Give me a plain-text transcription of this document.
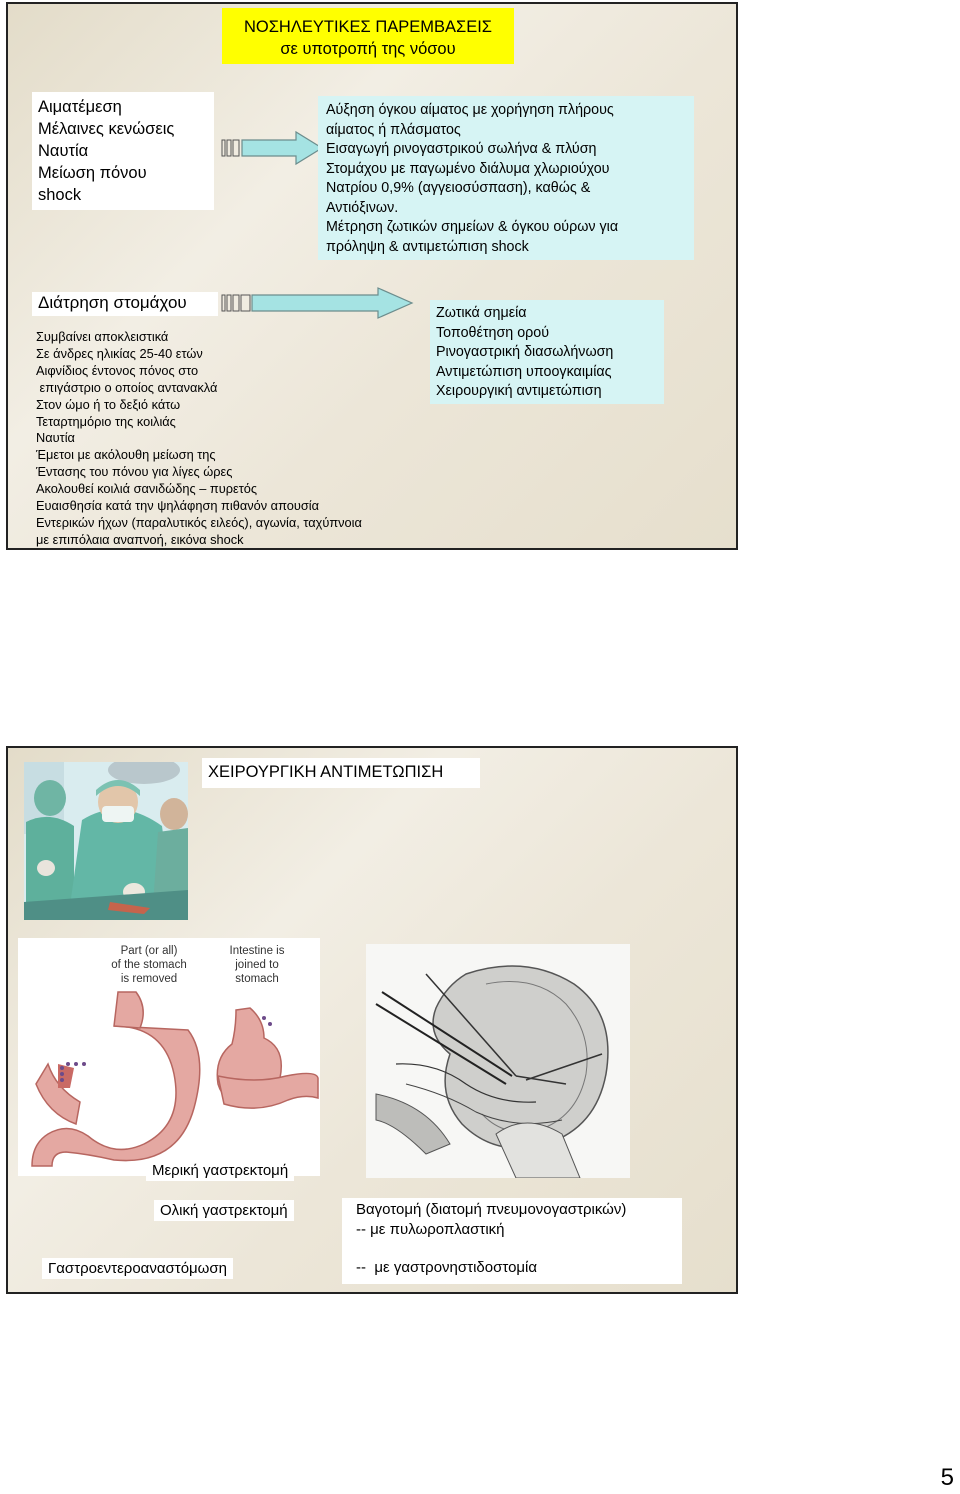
ΝΟΣΗΛΕΥΤΙΚΕΣ ΠΑΡΕΜΒΑΣΕΙΣ
σε υποτροπή της νόσου
Αιματέμεση
Μέλαινες κενώσεις
Ναυτία
Μείωση πόνου
shock
Αύξηση όγκου αίματος με χορήγηση πλήρους
αίματος ή πλάσματος
Εισαγωγή ρινογαστρικού σωλήνα & πλύση
Στομάχου με παγωμένο διάλυμα χλωριούχου
Νατρίου 0,9% (αγγειοσύσπαση), καθώς &
Αντιόξινων.
Μέτρηση ζωτικών σημείων & όγκου ούρων για
πρόληψη & αντιμετώπιση shock
Διάτρηση στομάχου
Συμβαίνει αποκλειστικά
Σε άνδρες ηλικίας 25-40 ετών
Αιφνίδιος έντονος πόνος στο
επιγάστριο ο οποίος αντανακλά
Στον ώμο ή το δεξιό κάτω
Τεταρτημόριο της κοιλιάς
Ναυτία
Έμετοι με ακόλουθη μείωση της
Έντασης του πόνου για λίγες ώρες
Ακολουθεί κοιλιά σανιδώδης – πυρετός
Ευαισθησία κατά την ψηλάφηση πιθανόν απουσία
Εντερικών ήχων (παραλυτικός ειλεός), αγωνία, ταχύπνοια
με επιπόλαια αναπνοή, εικόνα shock
Ζωτικά σημεία
Τοποθέτηση ορού
Ρινογαστρική διασωλήνωση
Αντιμετώπιση υποογκαιμίας
Χειρουργική αντιμετώπιση
ΧΕΙΡΟΥΡΓΙΚΗ ΑΝΤΙΜΕΤΩΠΙΣΗ
Part (or all)
of the stomach
is removed
Intestine is
joined to
stomach
Μερική γαστρεκτομή
Ολική γαστρεκτομή
Γαστροεντεροαναστόμωση
Βαγοτομή (διατομή πνευμονογαστρικών)
-- με πυλωροπλαστική
--  με γαστρονηστιδοστομία
5
